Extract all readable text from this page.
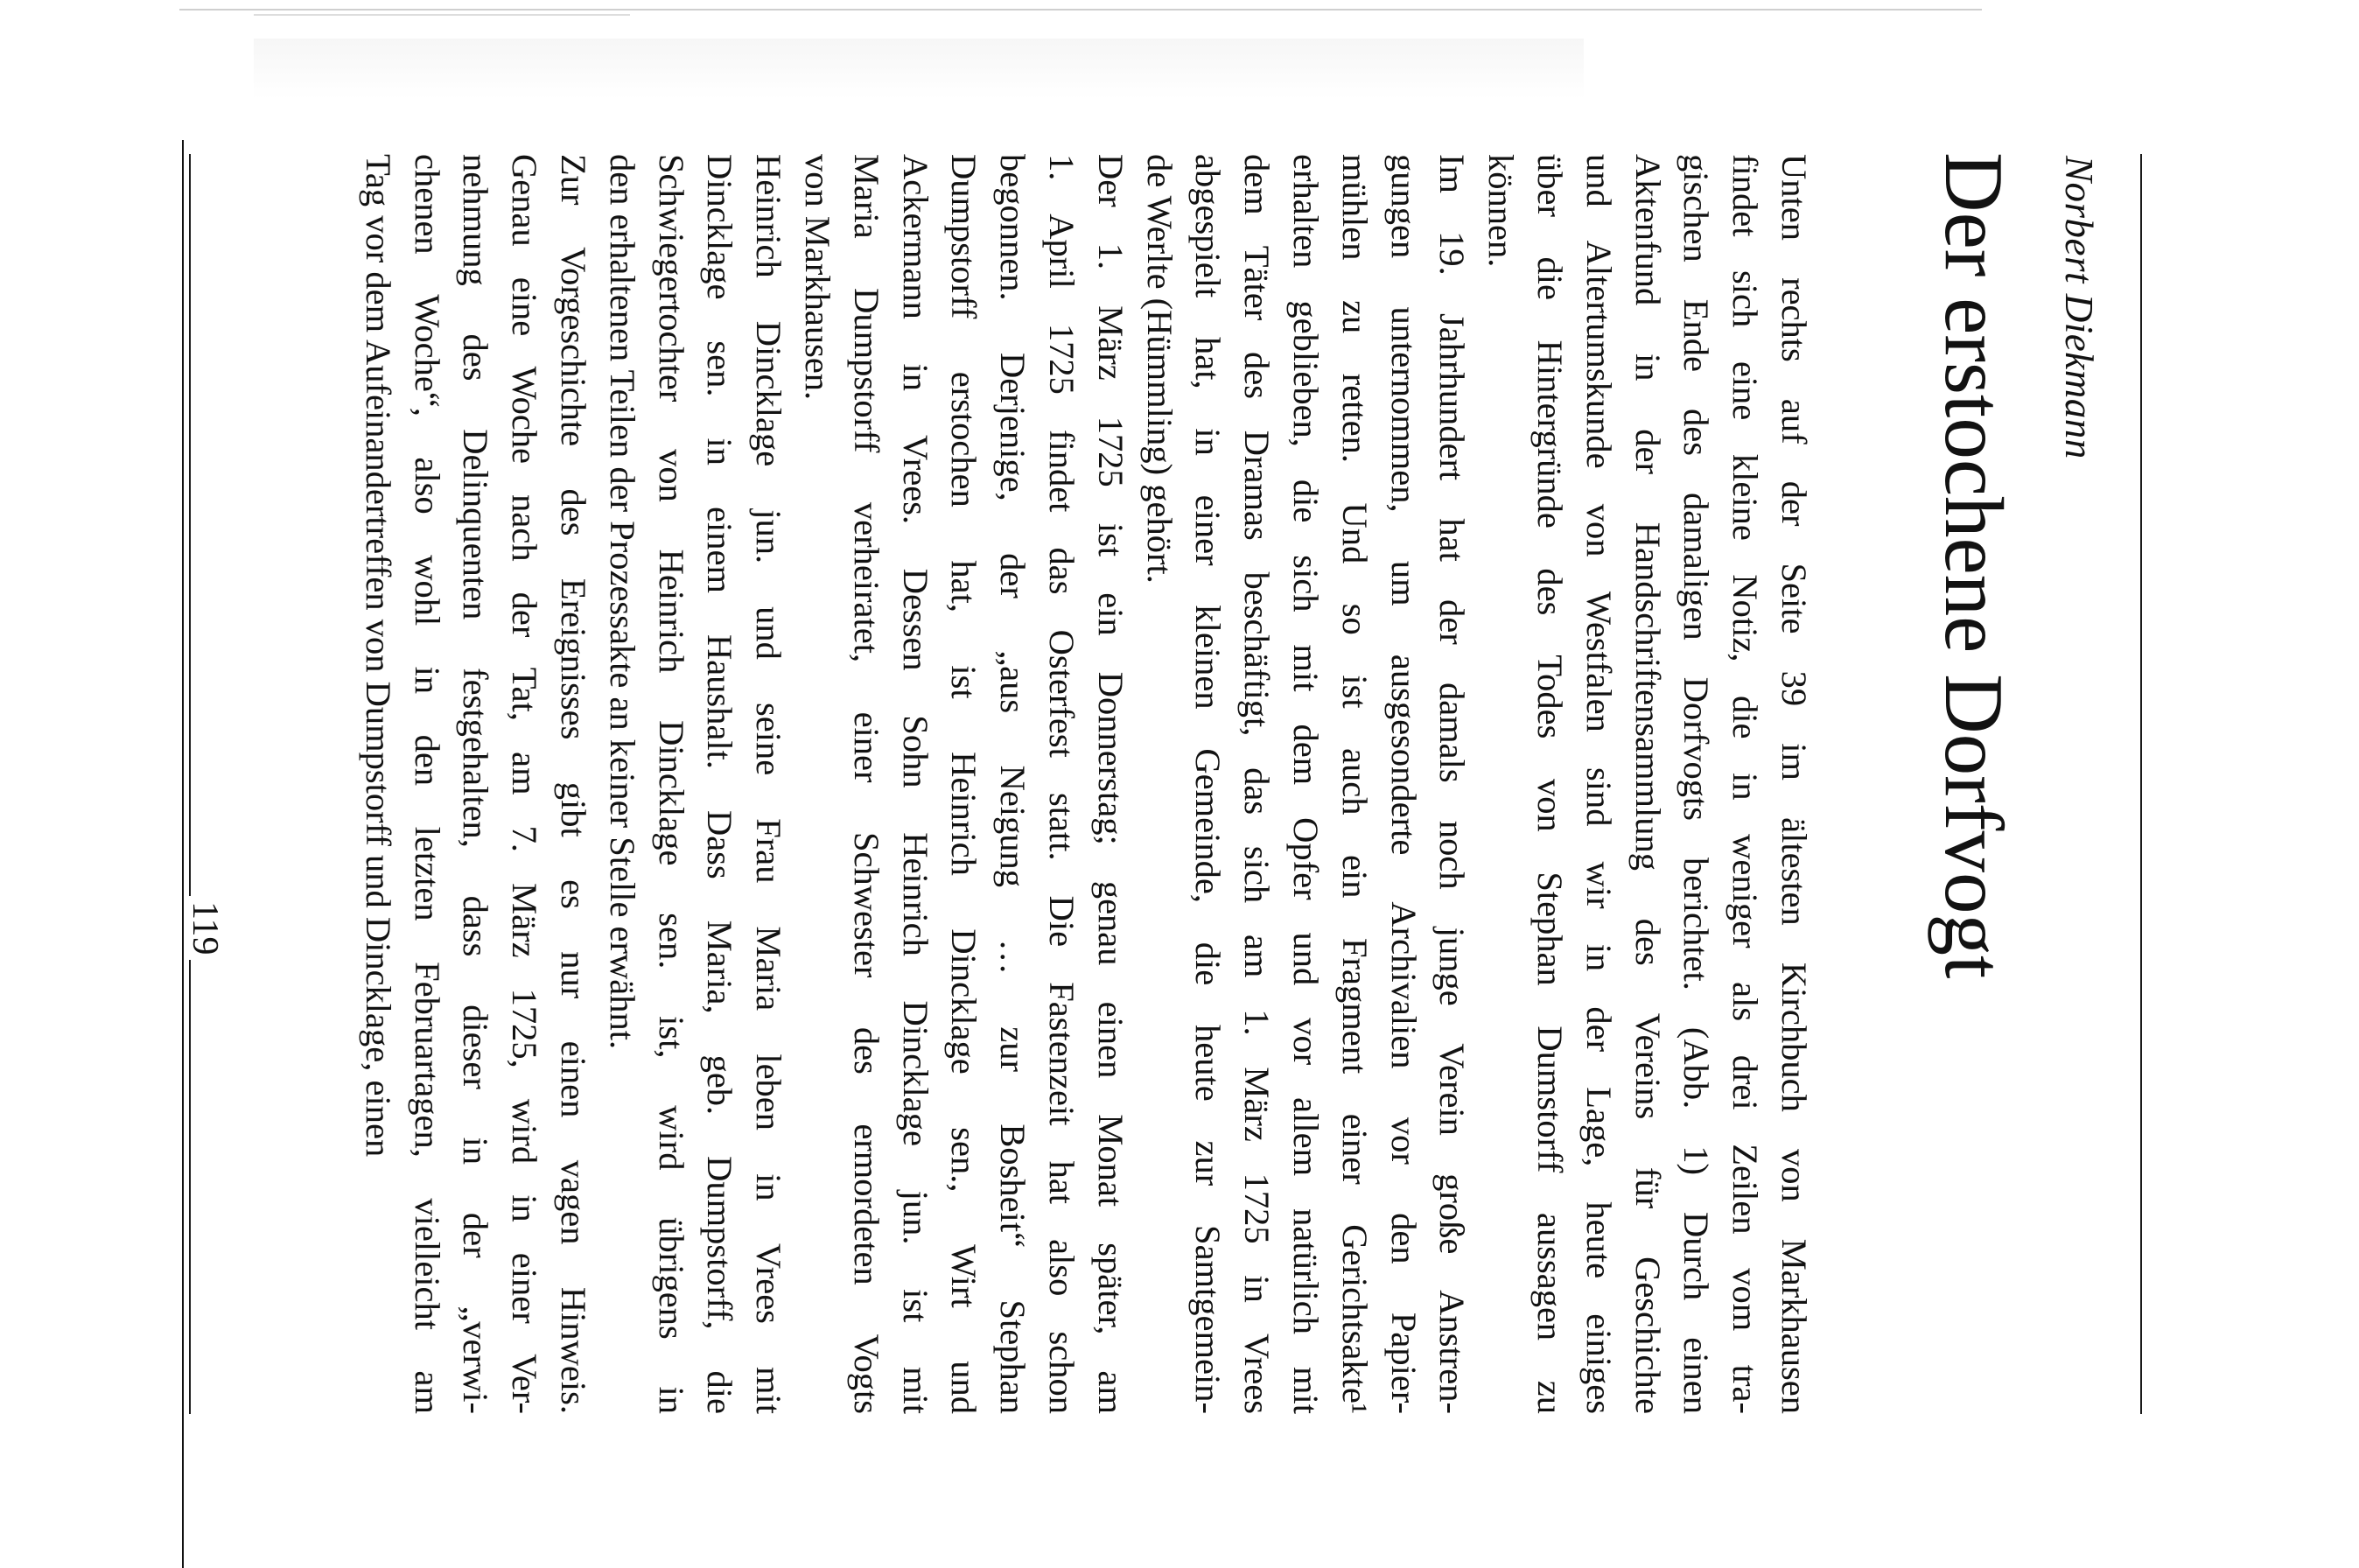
Norbert Diekmann
Der erstochene Dorfvogt
Unten rechts auf der Seite 39 im ältesten Kirchbuch von Markhausen
findet sich eine kleine Notiz, die in weniger als drei Zeilen vom tra-
gischen Ende des damaligen Dorfvogts berichtet. (Abb. 1) Durch einen
Aktenfund in der Handschriftensammlung des Vereins für Geschichte
und Altertumskunde von Westfalen sind wir in der Lage, heute einiges
über die Hintergründe des Todes von Stephan Dumstorff aussagen zu
können.
Im 19. Jahrhundert hat der damals noch junge Verein große Anstren-
gungen unternommen, um ausgesonderte Archivalien vor den Papier-
mühlen zu retten. Und so ist auch ein Fragment einer Gerichtsakte¹
erhalten geblieben, die sich mit dem Opfer und vor allem natürlich mit
dem Täter des Dramas beschäftigt, das sich am 1. März 1725 in Vrees
abgespielt hat, in einer kleinen Gemeinde, die heute zur Samtgemein-
de Werlte (Hümmling) gehört.
Der 1. März 1725 ist ein Donnerstag; genau einen Monat später, am
1. April 1725 findet das Osterfest statt. Die Fastenzeit hat also schon
begonnen. Derjenige, der „aus Neigung … zur Bosheit“ Stephan
Dumpstorff erstochen hat, ist Heinrich Dincklage sen., Wirt und
Ackermann in Vrees. Dessen Sohn Heinrich Dincklage jun. ist mit
Maria Dumpstorff verheiratet, einer Schwester des ermordeten Vogts
von Markhausen.
Heinrich Dincklage jun. und seine Frau Maria leben in Vrees mit
Dincklage sen. in einem Haushalt. Dass Maria, geb. Dumpstorff, die
Schwiegertochter von Heinrich Dincklage sen. ist, wird übrigens in
den erhaltenen Teilen der Prozessakte an keiner Stelle erwähnt.
Zur Vorgeschichte des Ereignisses gibt es nur einen vagen Hinweis.
Genau eine Woche nach der Tat, am 7. März 1725, wird in einer Ver-
nehmung des Delinquenten festgehalten, dass dieser in der „verwi-
chenen Woche“, also wohl in den letzten Februartagen, vielleicht am
Tag vor dem Aufeinandertreffen von Dumpstorff und Dincklage, einen
119
